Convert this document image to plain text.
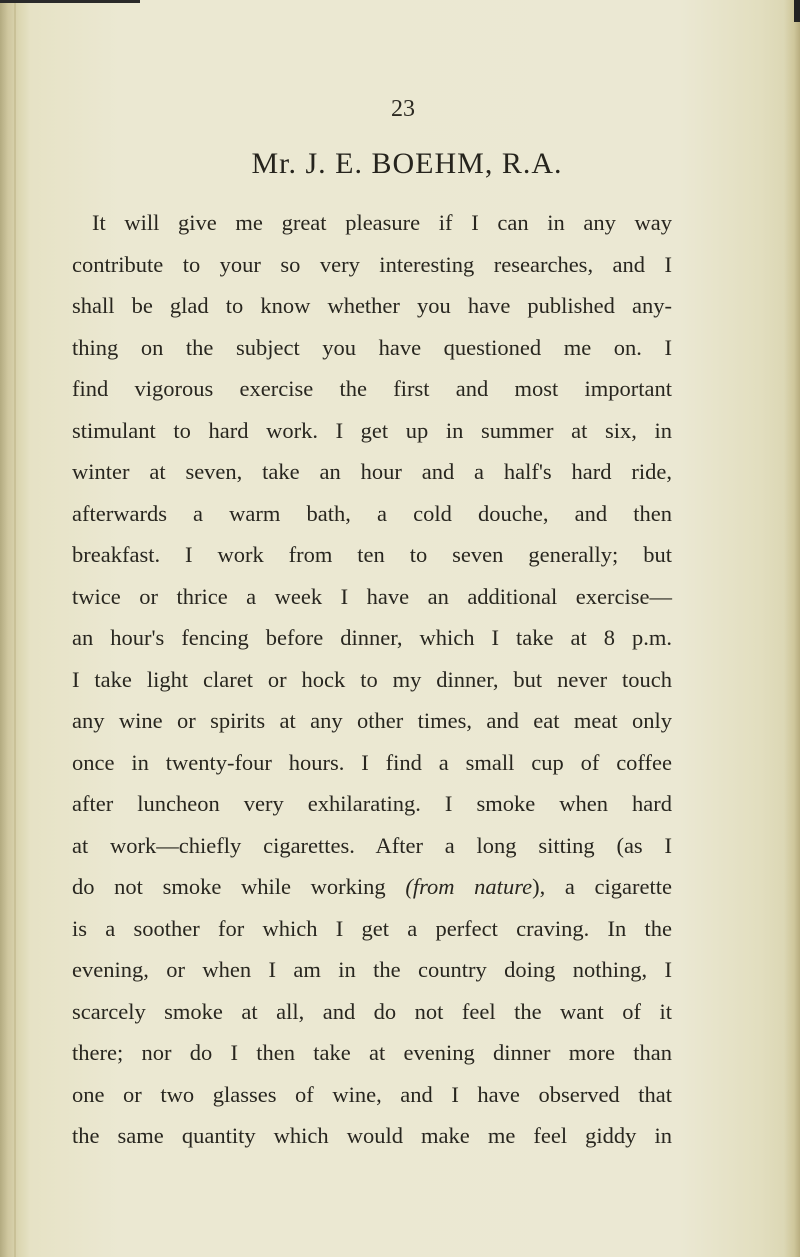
23
Mr. J. E. BOEHM, R.A.
It will give me great pleasure if I can in any way
contribute to your so very interesting researches, and I
shall be glad to know whether you have published any-
thing on the subject you have questioned me on. I
find vigorous exercise the first and most important
stimulant to hard work. I get up in summer at six, in
winter at seven, take an hour and a half's hard ride,
afterwards a warm bath, a cold douche, and then
breakfast. I work from ten to seven generally; but
twice or thrice a week I have an additional exercise—
an hour's fencing before dinner, which I take at 8 p.m.
I take light claret or hock to my dinner, but never touch
any wine or spirits at any other times, and eat meat only
once in twenty-four hours. I find a small cup of coffee
after luncheon very exhilarating. I smoke when hard
at work—chiefly cigarettes. After a long sitting (as I
do not smoke while working (from nature), a cigarette
is a soother for which I get a perfect craving. In the
evening, or when I am in the country doing nothing, I
scarcely smoke at all, and do not feel the want of it
there; nor do I then take at evening dinner more than
one or two glasses of wine, and I have observed that
the same quantity which would make me feel giddy in
